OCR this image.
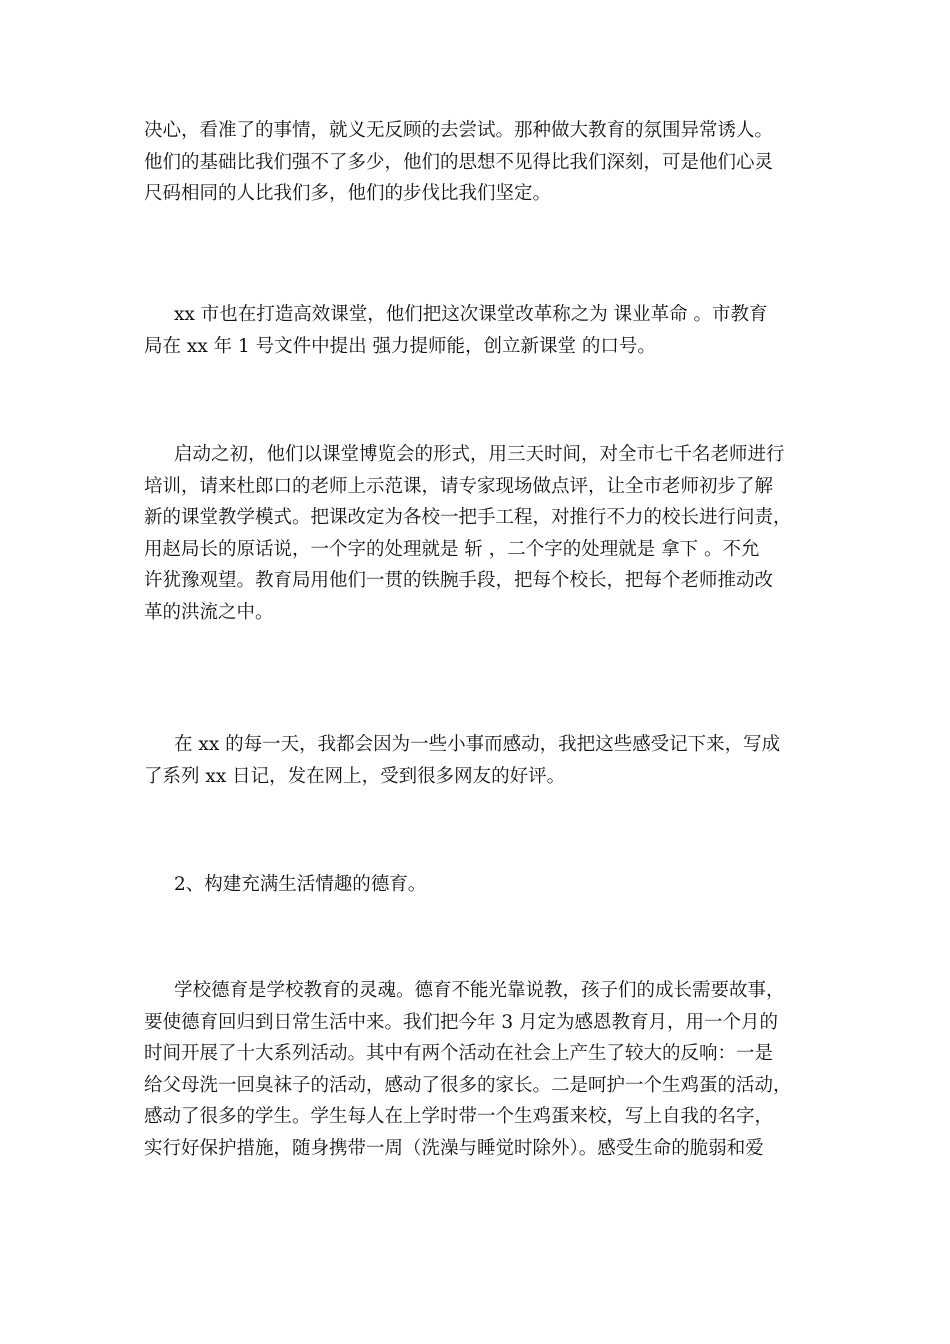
决心，看准了的事情，就义无反顾的去尝试。那种做大教育的氛围异常诱人。
他们的基础比我们强不了多少，他们的思想不见得比我们深刻，可是他们心灵
尺码相同的人比我们多，他们的步伐比我们坚定。

xx 市也在打造高效课堂，他们把这次课堂改革称之为 课业革命 。市教育
局在 xx 年 1 号文件中提出 强力提师能，创立新课堂 的口号。

启动之初，他们以课堂博览会的形式，用三天时间，对全市七千名老师进行
培训，请来杜郎口的老师上示范课，请专家现场做点评，让全市老师初步了解
新的课堂教学模式。把课改定为各校一把手工程，对推行不力的校长进行问责，
用赵局长的原话说，一个字的处理就是 斩 ，二个字的处理就是 拿下 。不允
许犹豫观望。教育局用他们一贯的铁腕手段，把每个校长，把每个老师推动改
革的洪流之中。

在 xx 的每一天，我都会因为一些小事而感动，我把这些感受记下来，写成
了系列 xx 日记，发在网上，受到很多网友的好评。

2、构建充满生活情趣的德育。

学校德育是学校教育的灵魂。德育不能光靠说教，孩子们的成长需要故事，
要使德育回归到日常生活中来。我们把今年 3 月定为感恩教育月，用一个月的
时间开展了十大系列活动。其中有两个活动在社会上产生了较大的反响：一是
给父母洗一回臭袜子的活动，感动了很多的家长。二是呵护一个生鸡蛋的活动，
感动了很多的学生。学生每人在上学时带一个生鸡蛋来校，写上自我的名字，
实行好保护措施，随身携带一周（洗澡与睡觉时除外）。感受生命的脆弱和爱
